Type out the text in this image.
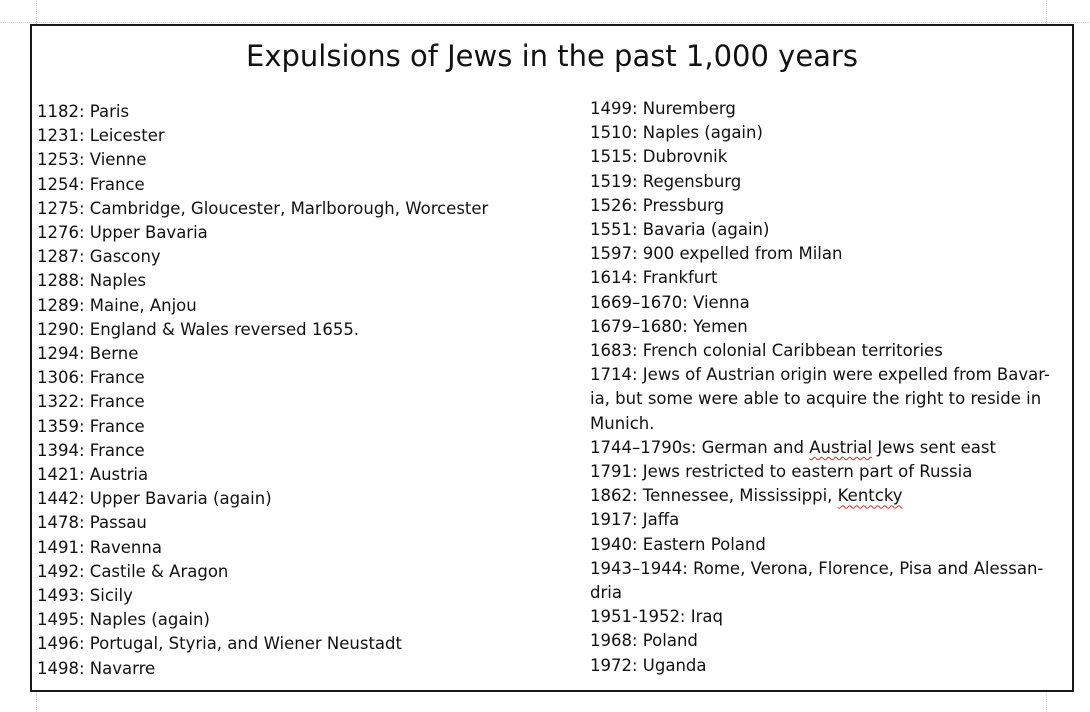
Expulsions of Jews in the past 1,000 years
1182: Paris
1231: Leicester
1253: Vienne
1254: France
1275: Cambridge, Gloucester, Marlborough, Worcester
1276: Upper Bavaria
1287: Gascony
1288: Naples
1289: Maine, Anjou
1290: England & Wales reversed 1655.
1294: Berne
1306: France
1322: France
1359: France
1394: France
1421: Austria
1442: Upper Bavaria (again)
1478: Passau
1491: Ravenna
1492: Castile & Aragon
1493: Sicily
1495: Naples (again)
1496: Portugal, Styria, and Wiener Neustadt
1498: Navarre
1499: Nuremberg
1510: Naples (again)
1515: Dubrovnik
1519: Regensburg
1526: Pressburg
1551: Bavaria (again)
1597: 900 expelled from Milan
1614: Frankfurt
1669–1670: Vienna
1679–1680: Yemen
1683: French colonial Caribbean territories
1714: Jews of Austrian origin were expelled from Bavar-ia, but some were able to acquire the right to reside in Munich.
1744–1790s: German and Austrial Jews sent east
1791: Jews restricted to eastern part of Russia
1862: Tennessee, Mississippi, Kentcky
1917: Jaffa
1940: Eastern Poland
1943–1944: Rome, Verona, Florence, Pisa and Alessan-dria
1951-1952: Iraq
1968: Poland
1972: Uganda
